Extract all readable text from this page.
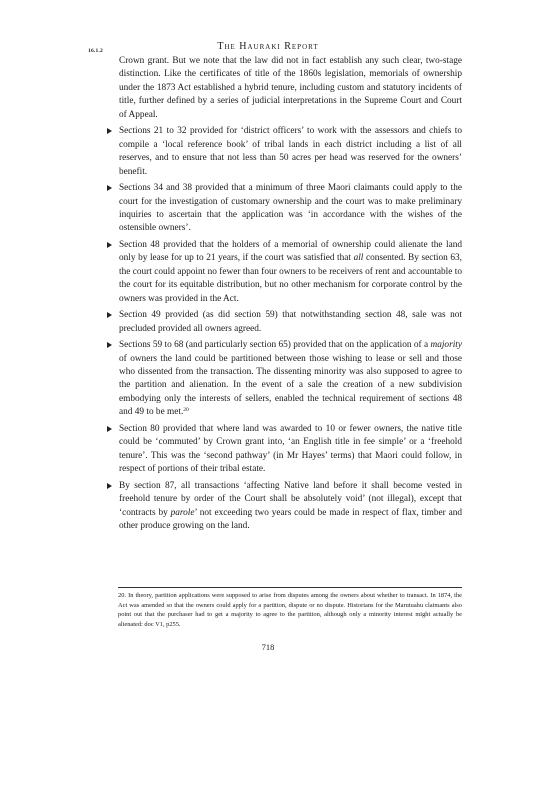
16.1.2	The Hauraki Report

Crown grant. But we note that the law did not in fact establish any such clear, two-stage distinction. Like the certificates of title of the 1860s legislation, memorials of ownership under the 1873 Act established a hybrid tenure, including custom and statutory incidents of title, further defined by a series of judicial interpretations in the Supreme Court and Court of Appeal.

Sections 21 to 32 provided for ‘district officers’ to work with the assessors and chiefs to compile a ‘local reference book’ of tribal lands in each district including a list of all reserves, and to ensure that not less than 50 acres per head was reserved for the owners’ benefit.
Sections 34 and 38 provided that a minimum of three Maori claimants could apply to the court for the investigation of customary ownership and the court was to make preliminary inquiries to ascertain that the application was ‘in accordance with the wishes of the ostensible owners’.
Section 48 provided that the holders of a memorial of ownership could alienate the land only by lease for up to 21 years, if the court was satisfied that all consented. By section 63, the court could appoint no fewer than four owners to be receivers of rent and accountable to the court for its equitable distribution, but no other mechanism for corporate control by the owners was provided in the Act.
Section 49 provided (as did section 59) that notwithstanding section 48, sale was not precluded provided all owners agreed.
Sections 59 to 68 (and particularly section 65) provided that on the application of a majority of owners the land could be partitioned between those wishing to lease or sell and those who dissented from the transaction. The dissenting minority was also supposed to agree to the partition and alienation. In the event of a sale the creation of a new subdivision embodying only the interests of sellers, enabled the technical requirement of sections 48 and 49 to be met.$^{20}$
Section 80 provided that where land was awarded to 10 or fewer owners, the native title could be ‘commuted’ by Crown grant into, ‘an English title in fee simple’ or a ‘freehold tenure’. This was the ‘second pathway’ (in Mr Hayes’ terms) that Maori could follow, in respect of portions of their tribal estate.
By section 87, all transactions ‘affecting Native land before it shall become vested in freehold tenure by order of the Court shall be absolutely void’ (not illegal), except that ‘contracts by parole’ not exceeding two years could be made in respect of flax, timber and other produce growing on the land.
20. In theory, partition applications were supposed to arise from disputes among the owners about whether to transact. In 1874, the Act was amended so that the owners could apply for a partition, dispute or no dispute. Historians for the Marutuahu claimants also point out that the purchaser had to get a majority to agree to the partition, although only a minority interest might actually be alienated: doc V1, p255.
718
